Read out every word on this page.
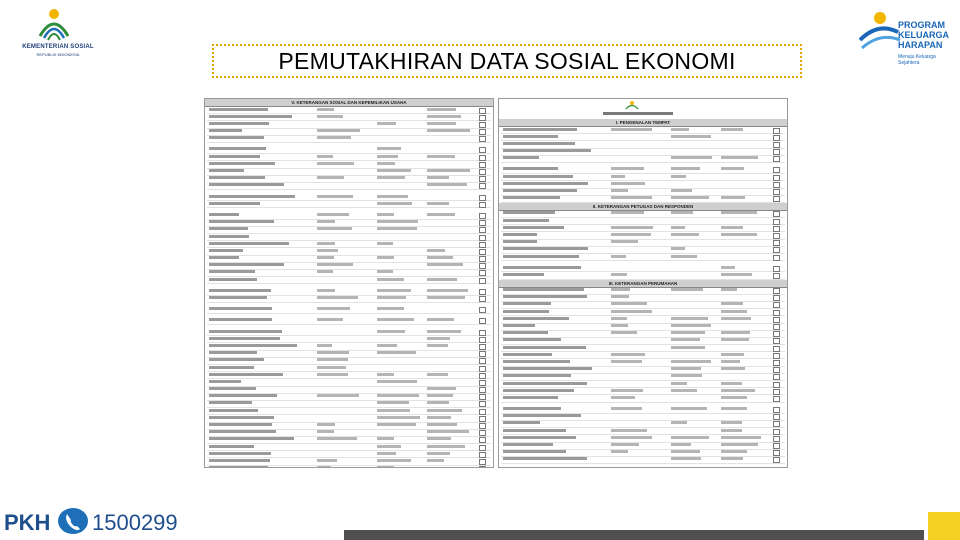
KEMENTERIAN SOSIAL
REPUBLIK INDONESIA
PROGRAM
KELUARGA
HARAPAN
Menuju Keluarga Sejahtera
PEMUTAKHIRAN DATA SOSIAL EKONOMI
V. KETERANGAN SOSIAL DAN KEPEMILIKAN USAHA
I. PENGENALAN TEMPAT
II. KETERANGAN PETUGAS DAN RESPONDEN
III. KETERANGAN PERUMAHAN
PKH 1500299
